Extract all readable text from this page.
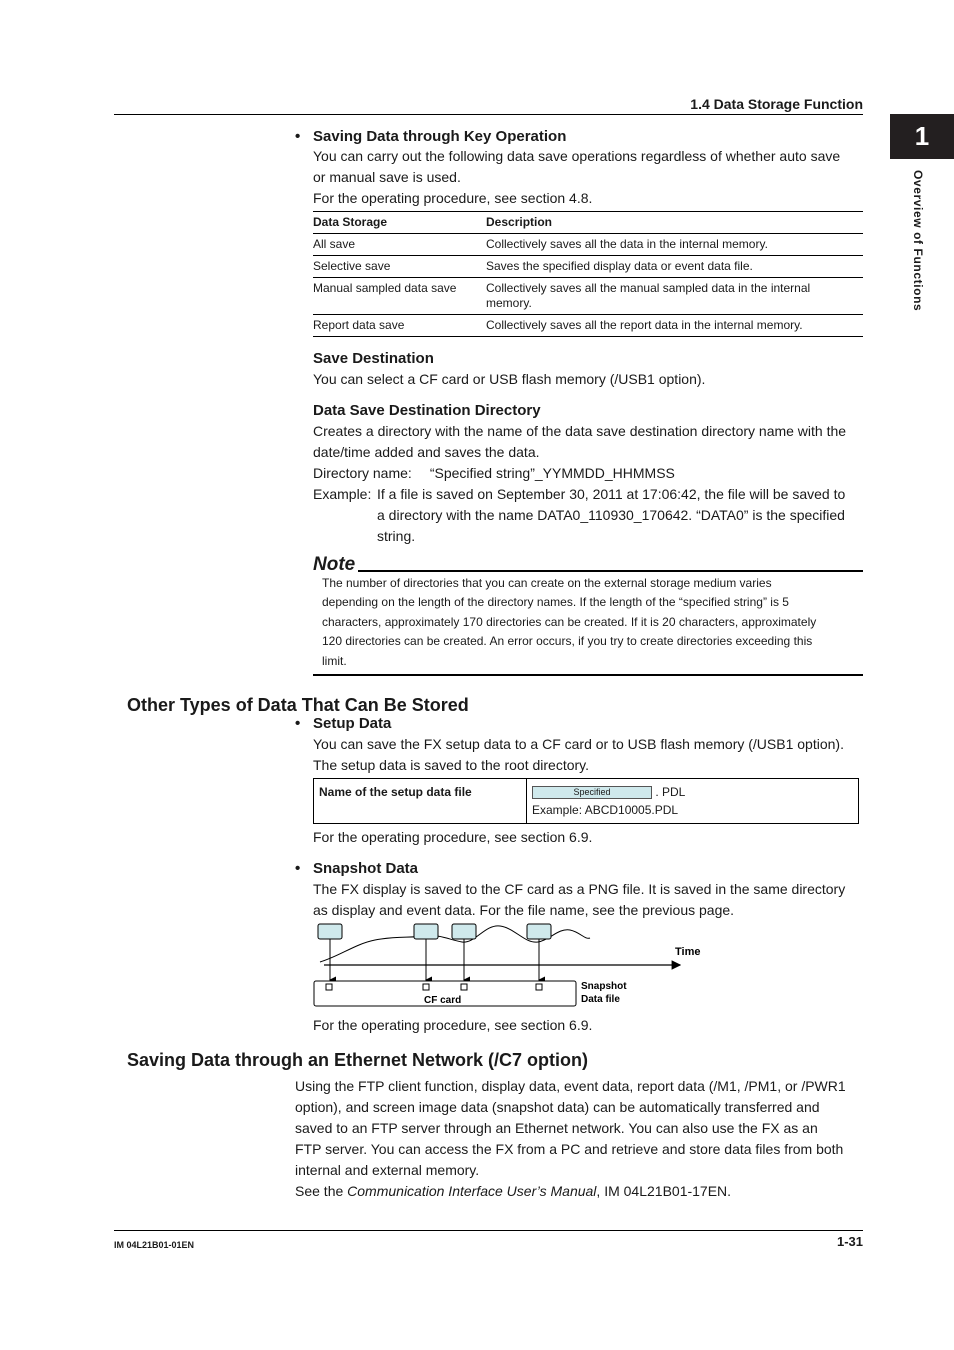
1.4 Data Storage Function
1
Overview of Functions
• Saving Data through Key Operation
You can carry out the following data save operations regardless of whether auto save
or manual save is used.
For the operating procedure, see section 4.8.
Data Storage	Description
All save	Collectively saves all the data in the internal memory.
Selective save	Saves the specified display data or event data file.
Manual sampled data save	Collectively saves all the manual sampled data in the internal memory.
Report data save	Collectively saves all the report data in the internal memory.
Save Destination
You can select a CF card or USB flash memory (/USB1 option).
Data Save Destination Directory
Creates a directory with the name of the data save destination directory name with the
date/time added and saves the data.
Directory name: “Specified string”_YYMMDD_HHMMSS
Example: If a file is saved on September 30, 2011 at 17:06:42, the file will be saved to
a directory with the name DATA0_110930_170642. “DATA0” is the specified
string.
Note
The number of directories that you can create on the external storage medium varies
depending on the length of the directory names. If the length of the “specified string” is 5
characters, approximately 170 directories can be created. If it is 20 characters, approximately
120 directories can be created. An error occurs, if you try to create directories exceeding this
limit.
Other Types of Data That Can Be Stored
• Setup Data
You can save the FX setup data to a CF card or to USB flash memory (/USB1 option).
The setup data is saved to the root directory.
Name of the setup data file	Specified	. PDL
Example: ABCD10005.PDL
For the operating procedure, see section 6.9.
• Snapshot Data
The FX display is saved to the CF card as a PNG file. It is saved in the same directory
as display and event data. For the file name, see the previous page.
Time
CF card
Snapshot
Data file
For the operating procedure, see section 6.9.
Saving Data through an Ethernet Network (/C7 option)
Using the FTP client function, display data, event data, report data (/M1, /PM1, or /PWR1
option), and screen image data (snapshot data) can be automatically transferred and
saved to an FTP server through an Ethernet network. You can also use the FX as an
FTP server. You can access the FX from a PC and retrieve and store data files from both
internal and external memory.
See the Communication Interface User’s Manual, IM 04L21B01-17EN.
IM 04L21B01-01EN	1-31
